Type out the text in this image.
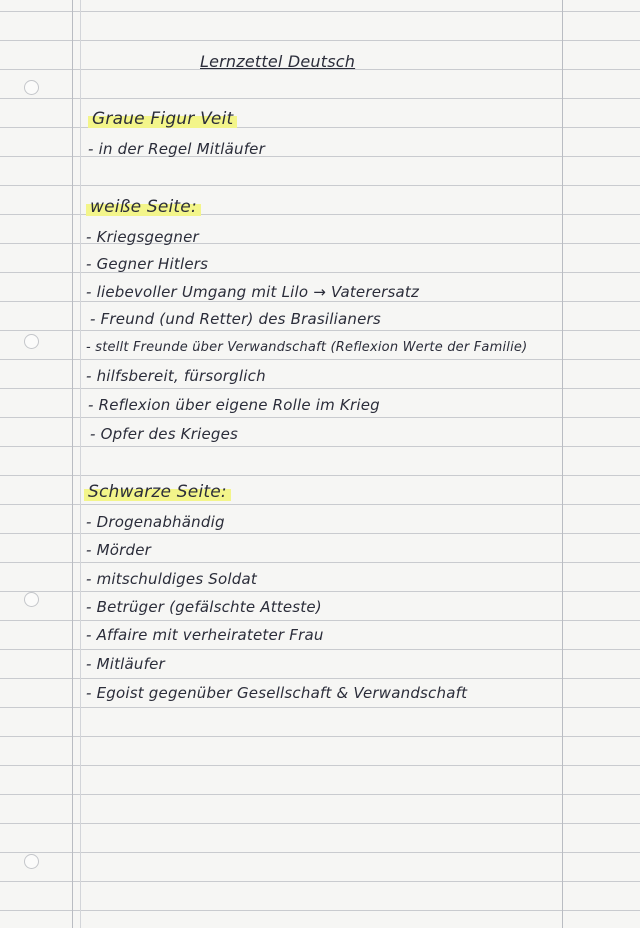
Lernzettel Deutsch
Graue Figur Veit
- in der Regel Mitläufer
weiße Seite:
- Kriegsgegner
- Gegner Hitlers
- liebevoller Umgang mit Lilo → Vaterersatz
- Freund (und Retter) des Brasilianers
- stellt Freunde über Verwandschaft (Reflexion Werte der Familie)
- hilfsbereit, fürsorglich
- Reflexion über eigene Rolle im Krieg
- Opfer des Krieges
Schwarze Seite:
- Drogenabhändig
- Mörder
- mitschuldiges Soldat
- Betrüger (gefälschte Atteste)
- Affaire mit verheirateter Frau
- Mitläufer
- Egoist gegenüber Gesellschaft & Verwandschaft
